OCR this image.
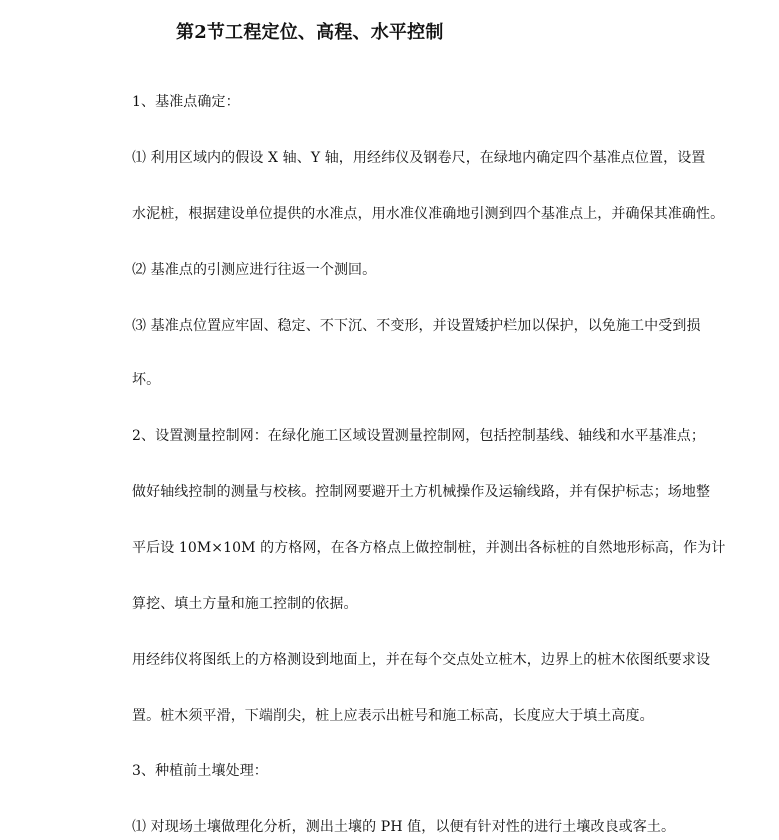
第2节工程定位、高程、水平控制
1、基准点确定：
⑴ 利用区域内的假设 X 轴、Y 轴，用经纬仪及钢卷尺，在绿地内确定四个基准点位置，设置
水泥桩，根据建设单位提供的水准点，用水准仪准确地引测到四个基准点上，并确保其准确性。
⑵ 基准点的引测应进行往返一个测回。
⑶ 基准点位置应牢固、稳定、不下沉、不变形，并设置矮护栏加以保护，以免施工中受到损
坏。
2、设置测量控制网：在绿化施工区域设置测量控制网，包括控制基线、轴线和水平基准点；
做好轴线控制的测量与校核。控制网要避开土方机械操作及运输线路，并有保护标志；场地整
平后设 10M×10M 的方格网，在各方格点上做控制桩，并测出各标桩的自然地形标高，作为计
算挖、填土方量和施工控制的依据。
用经纬仪将图纸上的方格测设到地面上，并在每个交点处立桩木，边界上的桩木依图纸要求设
置。桩木须平滑，下端削尖，桩上应表示出桩号和施工标高，长度应大于填土高度。
3、种植前土壤处理：
⑴ 对现场土壤做理化分析，测出土壤的 PH 值，以便有针对性的进行土壤改良或客土。
